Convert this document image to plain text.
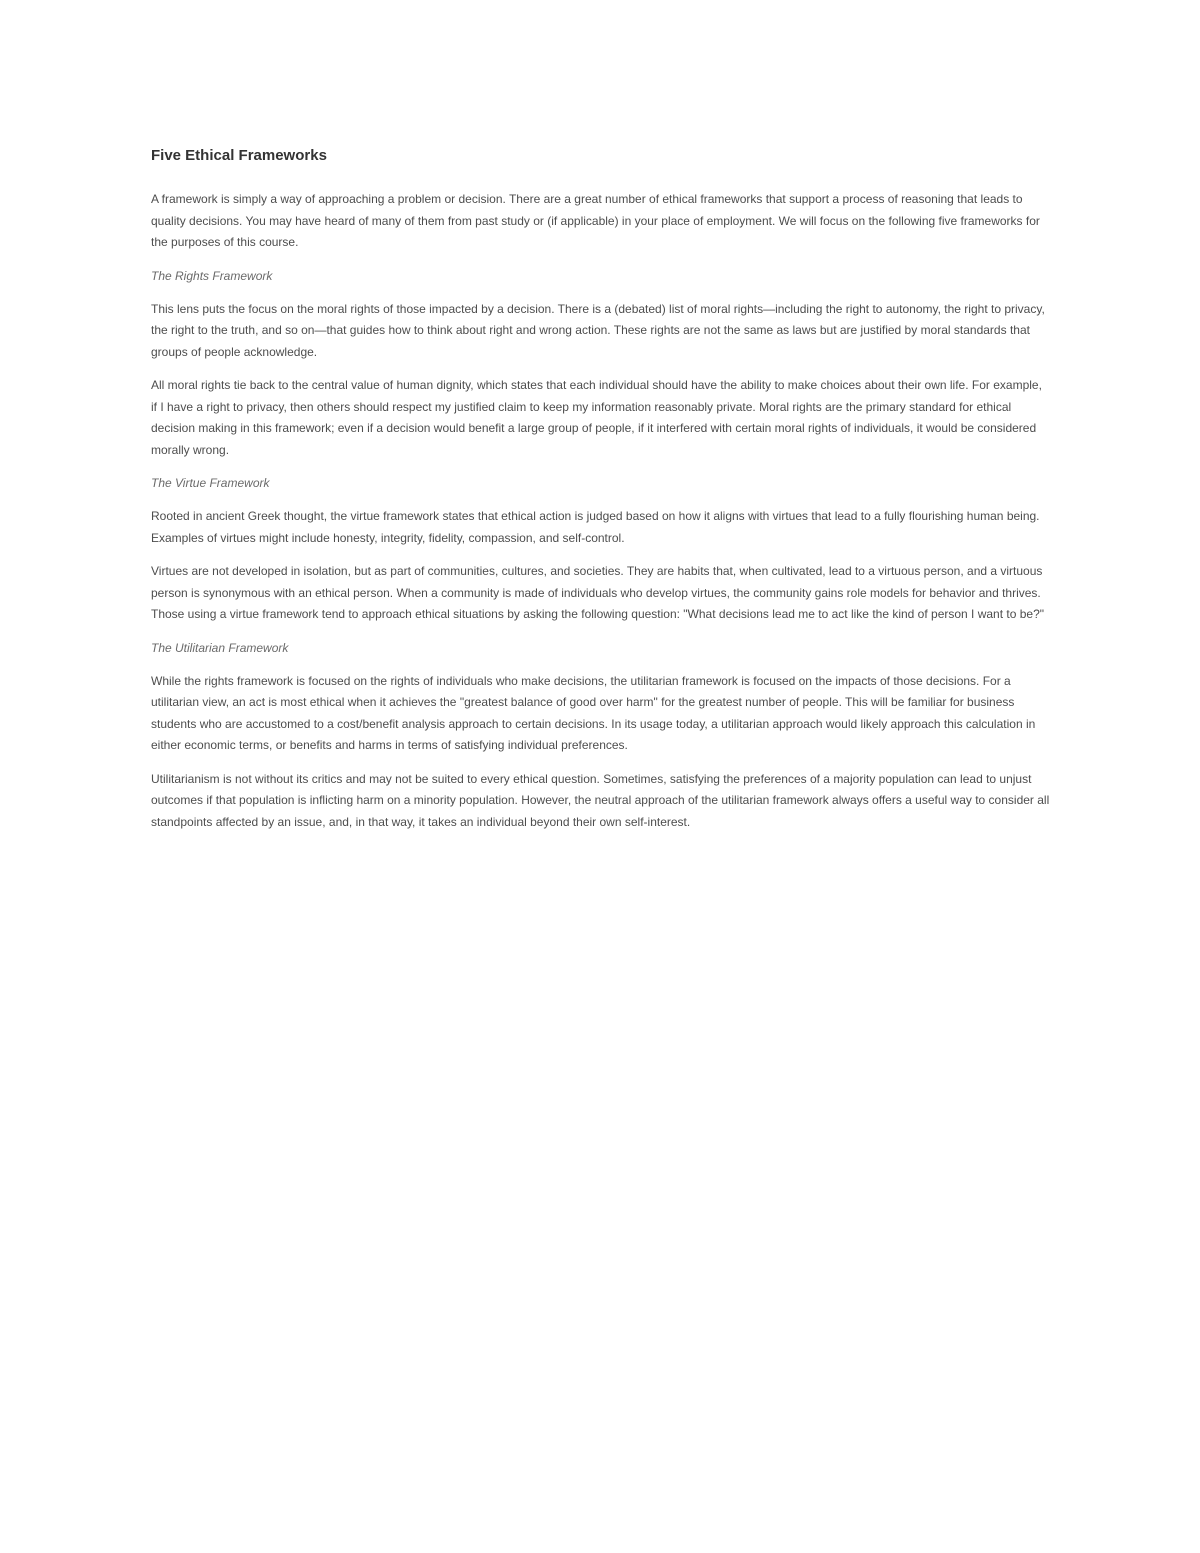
Five Ethical Frameworks

A framework is simply a way of approaching a problem or decision. There are a great number of ethical frameworks that support a process of reasoning that leads to quality decisions. You may have heard of many of them from past study or (if applicable) in your place of employment. We will focus on the following five frameworks for the purposes of this course.

The Rights Framework

This lens puts the focus on the moral rights of those impacted by a decision. There is a (debated) list of moral rights—including the right to autonomy, the right to privacy, the right to the truth, and so on—that guides how to think about right and wrong action. These rights are not the same as laws but are justified by moral standards that groups of people acknowledge.

All moral rights tie back to the central value of human dignity, which states that each individual should have the ability to make choices about their own life. For example, if I have a right to privacy, then others should respect my justified claim to keep my information reasonably private. Moral rights are the primary standard for ethical decision making in this framework; even if a decision would benefit a large group of people, if it interfered with certain moral rights of individuals, it would be considered morally wrong.

The Virtue Framework

Rooted in ancient Greek thought, the virtue framework states that ethical action is judged based on how it aligns with virtues that lead to a fully flourishing human being. Examples of virtues might include honesty, integrity, fidelity, compassion, and self-control.

Virtues are not developed in isolation, but as part of communities, cultures, and societies. They are habits that, when cultivated, lead to a virtuous person, and a virtuous person is synonymous with an ethical person. When a community is made of individuals who develop virtues, the community gains role models for behavior and thrives. Those using a virtue framework tend to approach ethical situations by asking the following question: "What decisions lead me to act like the kind of person I want to be?"

The Utilitarian Framework

While the rights framework is focused on the rights of individuals who make decisions, the utilitarian framework is focused on the impacts of those decisions. For a utilitarian view, an act is most ethical when it achieves the "greatest balance of good over harm" for the greatest number of people. This will be familiar for business students who are accustomed to a cost/benefit analysis approach to certain decisions. In its usage today, a utilitarian approach would likely approach this calculation in either economic terms, or benefits and harms in terms of satisfying individual preferences.

Utilitarianism is not without its critics and may not be suited to every ethical question. Sometimes, satisfying the preferences of a majority population can lead to unjust outcomes if that population is inflicting harm on a minority population. However, the neutral approach of the utilitarian framework always offers a useful way to consider all standpoints affected by an issue, and, in that way, it takes an individual beyond their own self-interest.
